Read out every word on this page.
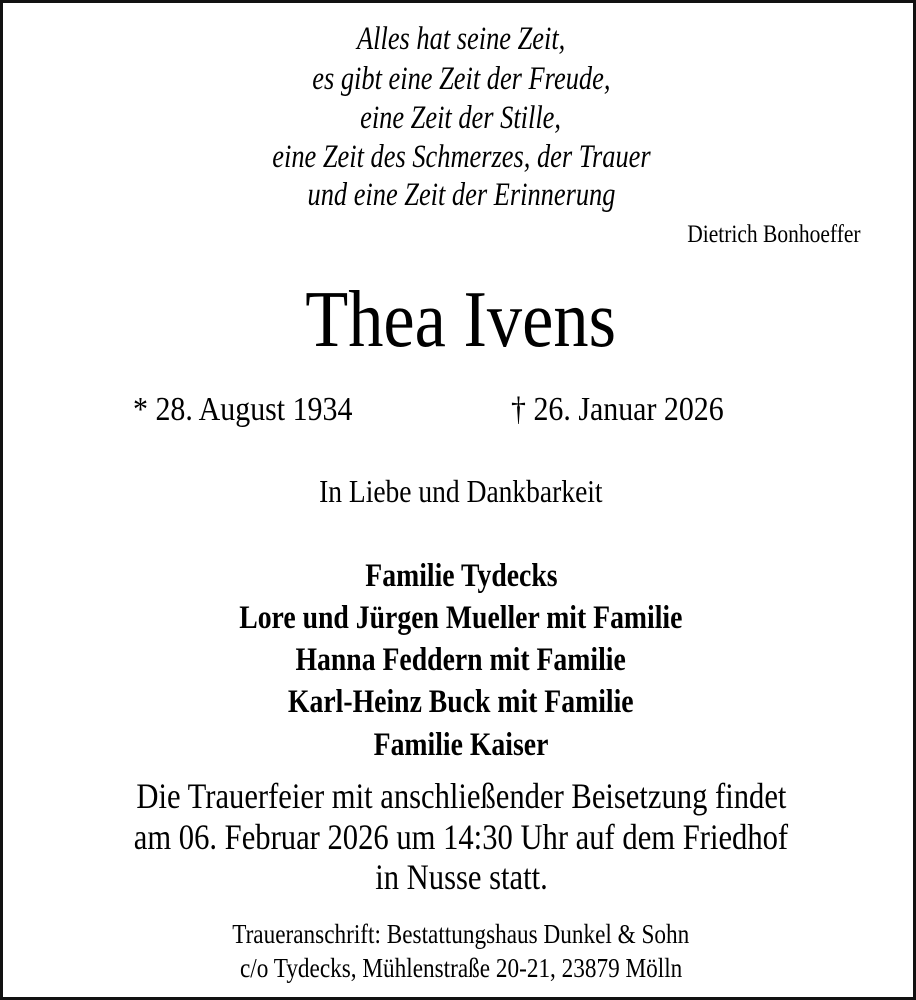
Alles hat seine Zeit,
es gibt eine Zeit der Freude,
eine Zeit der Stille,
eine Zeit des Schmerzes, der Trauer
und eine Zeit der Erinnerung
Dietrich Bonhoeffer
Thea Ivens
* 28. August 1934	† 26. Januar 2026
In Liebe und Dankbarkeit
Familie Tydecks
Lore und Jürgen Mueller mit Familie
Hanna Feddern mit Familie
Karl-Heinz Buck mit Familie
Familie Kaiser
Die Trauerfeier mit anschließender Beisetzung findet
am 06. Februar 2026 um 14:30 Uhr auf dem Friedhof
in Nusse statt.
Traueranschrift: Bestattungshaus Dunkel & Sohn
c/o Tydecks, Mühlenstraße 20-21, 23879 Mölln
